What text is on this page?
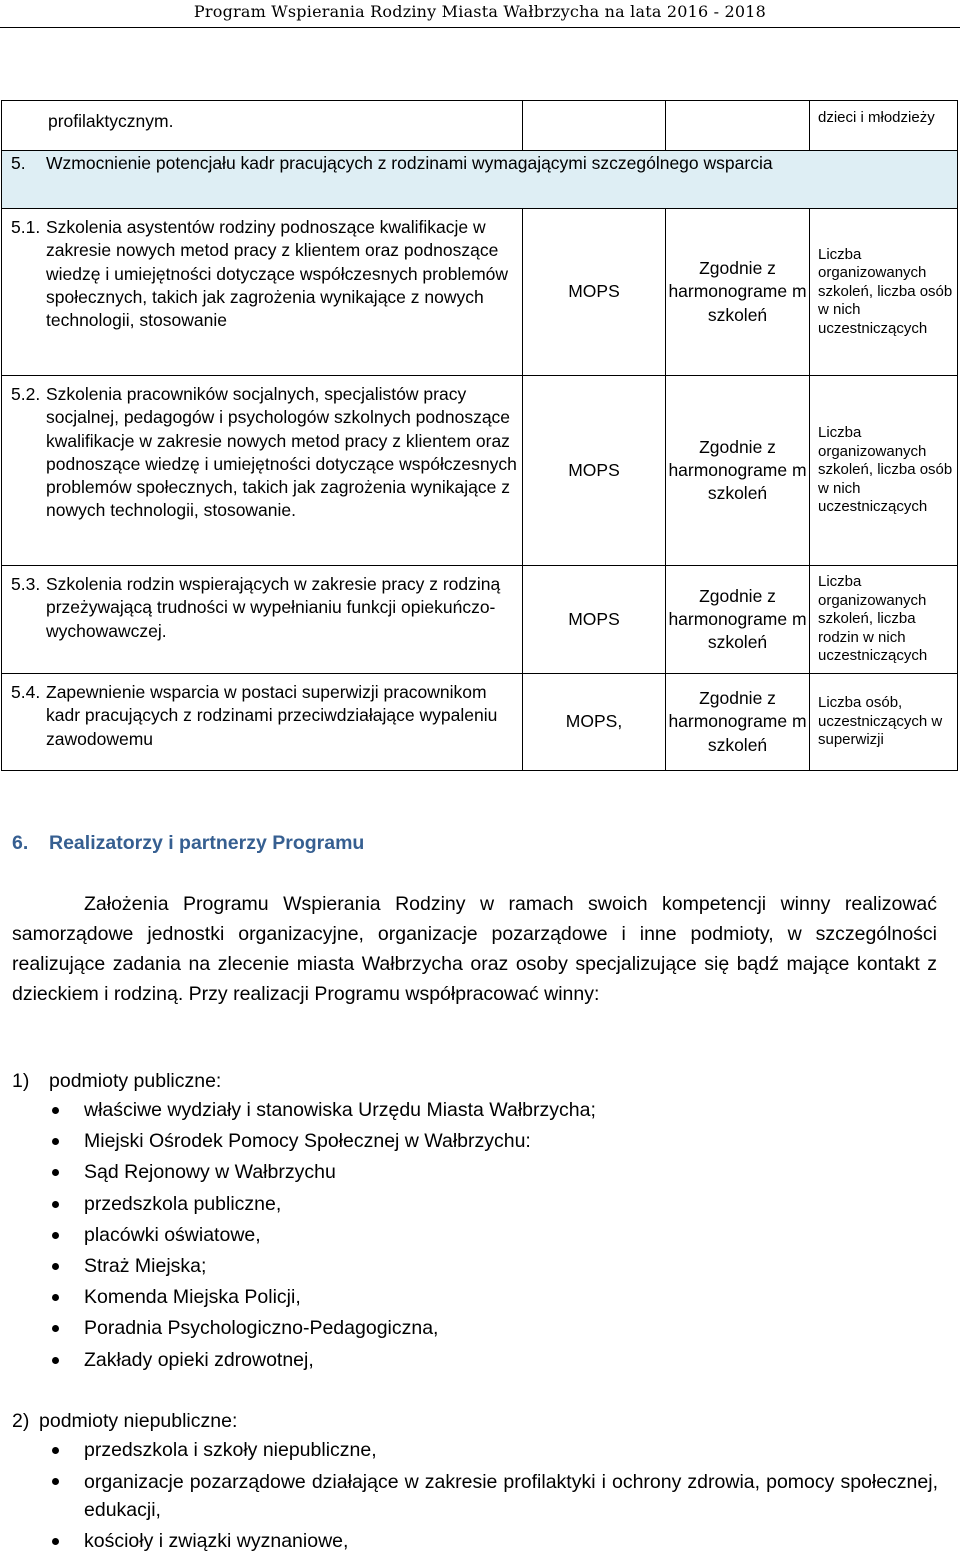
Program Wspierania Rodziny Miasta Wałbrzycha na lata 2016 - 2018
profilaktycznym.			dzieci i młodzieży
5. Wzmocnienie potencjału kadr pracujących z rodzinami wymagającymi szczególnego wsparcia			

5.1. Szkolenia asystentów rodziny podnoszące kwalifikacje w zakresie nowych metod pracy z klientem oraz podnoszące wiedzę i umiejętności dotyczące współczesnych problemów społecznych, takich jak zagrożenia wynikające z nowych technologii, stosowanie	MOPS	Zgodnie z harmonograme m szkoleń	Liczba organizowanych szkoleń, liczba osób w nich uczestniczących

5.2. Szkolenia pracowników socjalnych, specjalistów pracy socjalnej, pedagogów i psychologów szkolnych podnoszące kwalifikacje w zakresie nowych metod pracy z klientem oraz podnoszące wiedzę i umiejętności dotyczące współczesnych problemów społecznych, takich jak zagrożenia wynikające z nowych technologii, stosowanie.	MOPS	Zgodnie z harmonograme m szkoleń	Liczba organizowanych szkoleń, liczba osób w nich uczestniczących

5.3. Szkolenia rodzin wspierających w zakresie pracy z rodziną przeżywającą trudności w wypełnianiu funkcji opiekuńczo-wychowawczej.	MOPS	Zgodnie z harmonograme m szkoleń	Liczba organizowanych szkoleń, liczba rodzin w nich uczestniczących

5.4. Zapewnienie wsparcia w postaci superwizji pracownikom kadr pracujących z rodzinami przeciwdziałające wypaleniu zawodowemu	MOPS,	Zgodnie z harmonograme m szkoleń	Liczba osób, uczestniczących w superwizji
6. Realizatorzy i partnerzy Programu

Założenia Programu Wspierania Rodziny w ramach swoich kompetencji winny realizować samorządowe jednostki organizacyjne, organizacje pozarządowe i inne podmioty, w szczególności realizujące zadania na zlecenie miasta Wałbrzycha oraz osoby specjalizujące się bądź mające kontakt z dzieckiem i rodziną. Przy realizacji Programu współpracować winny:

1) podmioty publiczne:
właściwe wydziały i stanowiska Urzędu Miasta Wałbrzycha;
Miejski Ośrodek Pomocy Społecznej w Wałbrzychu:
Sąd Rejonowy w Wałbrzychu
przedszkola publiczne,
placówki oświatowe,
Straż Miejska;
Komenda Miejska Policji,
Poradnia Psychologiczno-Pedagogiczna,
Zakłady opieki zdrowotnej,
2) podmioty niepubliczne:
przedszkola i szkoły niepubliczne,
organizacje pozarządowe działające w zakresie profilaktyki i ochrony zdrowia, pomocy społecznej, edukacji,
kościoły i związki wyznaniowe,
